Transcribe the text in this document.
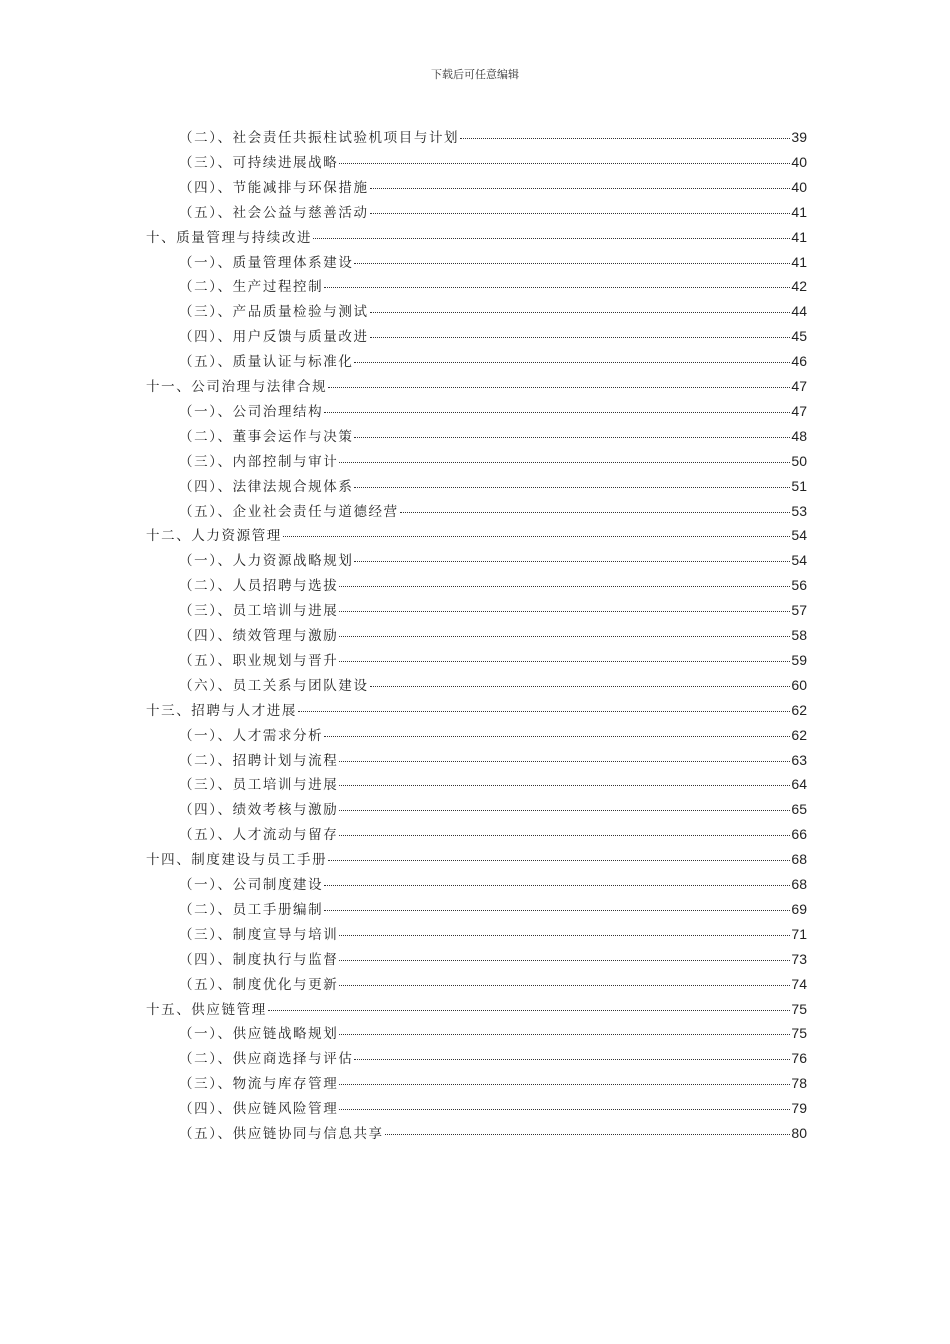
下载后可任意编辑
（二）、社会责任共振柱试验机项目与计划	39
（三）、可持续进展战略	40
（四）、节能减排与环保措施	40
（五）、社会公益与慈善活动	41
十、质量管理与持续改进	41
（一）、质量管理体系建设	41
（二）、生产过程控制	42
（三）、产品质量检验与测试	44
（四）、用户反馈与质量改进	45
（五）、质量认证与标准化	46
十一、公司治理与法律合规	47
（一）、公司治理结构	47
（二）、董事会运作与决策	48
（三）、内部控制与审计	50
（四）、法律法规合规体系	51
（五）、企业社会责任与道德经营	53
十二、人力资源管理	54
（一）、人力资源战略规划	54
（二）、人员招聘与选拔	56
（三）、员工培训与进展	57
（四）、绩效管理与激励	58
（五）、职业规划与晋升	59
（六）、员工关系与团队建设	60
十三、招聘与人才进展	62
（一）、人才需求分析	62
（二）、招聘计划与流程	63
（三）、员工培训与进展	64
（四）、绩效考核与激励	65
（五）、人才流动与留存	66
十四、制度建设与员工手册	68
（一）、公司制度建设	68
（二）、员工手册编制	69
（三）、制度宣导与培训	71
（四）、制度执行与监督	73
（五）、制度优化与更新	74
十五、供应链管理	75
（一）、供应链战略规划	75
（二）、供应商选择与评估	76
（三）、物流与库存管理	78
（四）、供应链风险管理	79
（五）、供应链协同与信息共享	80
